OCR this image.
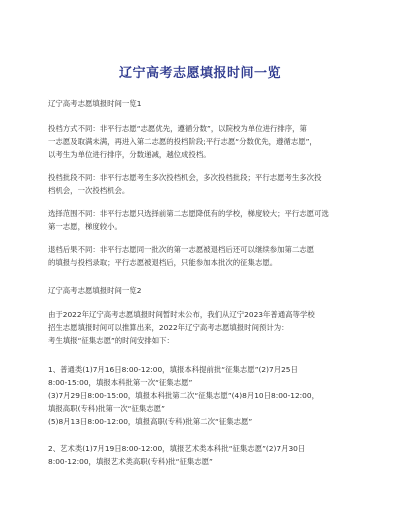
辽宁高考志愿填报时间一览
辽宁高考志愿填报时间一览1
投档方式不同：非平行志愿“志愿优先，遵循分数”，以院校为单位进行排序，第
一志愿及取满未满，再进入第二志愿的投档阶段;平行志愿“分数优先，遵循志愿”，
以考生为单位进行排序，分数递减，越位成投档。
投档批段不同：非平行志愿考生多次投档机会，多次投档批段；平行志愿考生多次投
档机会，一次投档机会。
选择范围不同：非平行志愿只选择前第二志愿降低有的学校，梯度较大；平行志愿可选
第一志愿，梯度较小。
退档后果不同：非平行志愿同一批次的第一志愿被退档后还可以继续参加第二志愿
的填报与投档录取；平行志愿被退档后，只能参加本批次的征集志愿。
辽宁高考志愿填报时间一览2
由于2022年辽宁高考志愿填报时间暂时未公布，我们从辽宁2023年普通高等学校
招生志愿填报时间可以推算出来，2022年辽宁高考志愿填报时间预计为：
考生填报“征集志愿”的时间安排如下：
1、普通类(1)7月16日8:00-12:00，填报本科提前批“征集志愿”(2)7月25日
8:00-15:00，填报本科批第一次“征集志愿”
(3)7月29日8:00-15:00，填报本科批第二次“征集志愿”(4)8月10日8:00-12:00，
填报高职(专科)批第一次“征集志愿”
(5)8月13日8:00-12:00，填报高职(专科)批第二次“征集志愿”
2、艺术类(1)7月19日8:00-12:00，填报艺术类本科批“征集志愿”(2)7月30日
8:00-12:00，填报艺术类高职(专科)批“征集志愿”
